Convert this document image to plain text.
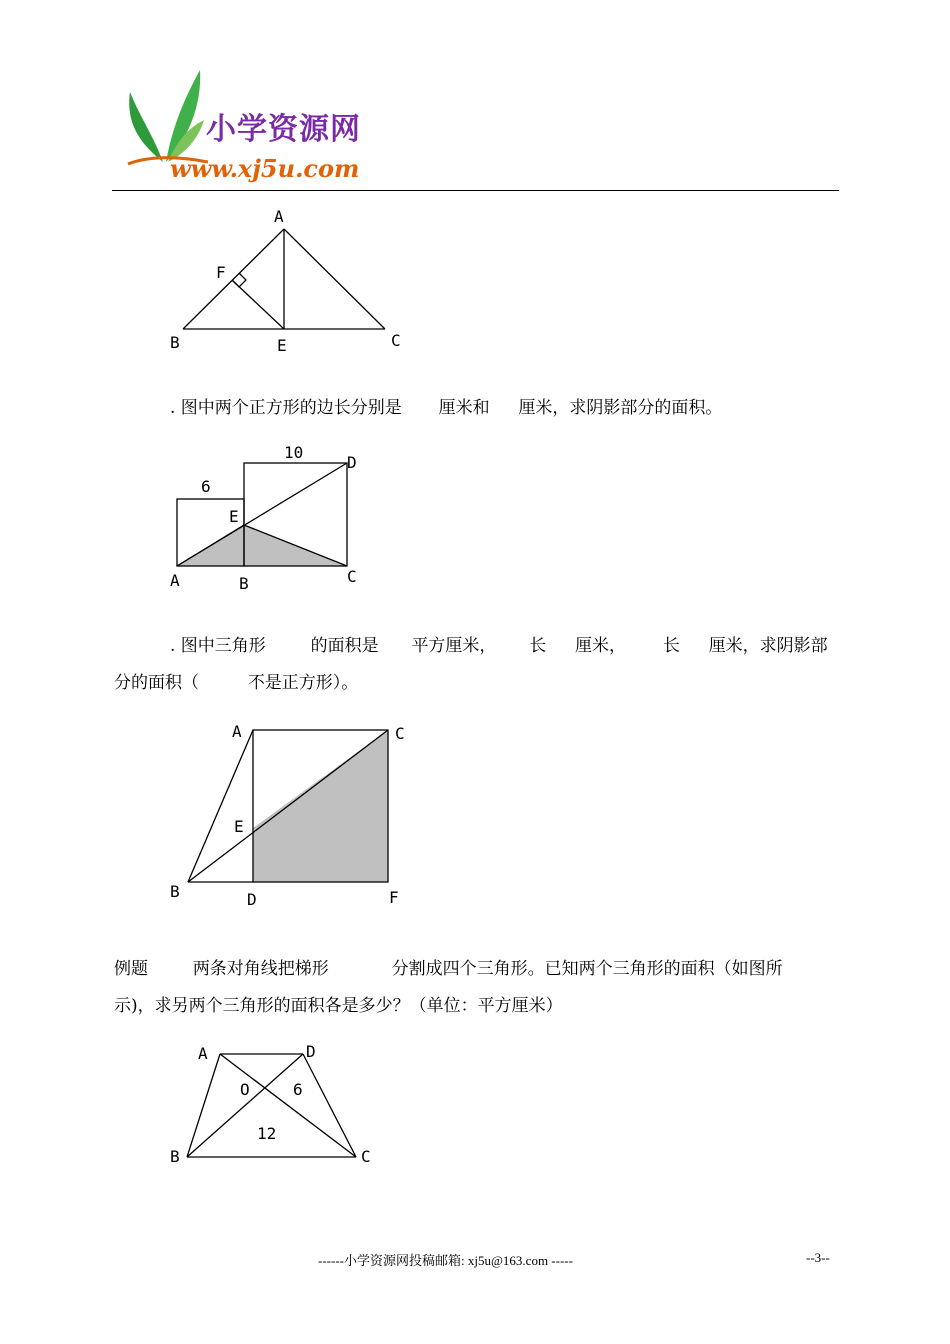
小学资源网
www.xj5u.com
A
F
B	E	C
. 图中两个正方形的边长分别是 厘米和 厘米，求阴影部分的面积。
10
6
D
E
A	B	C
. 图中三角形	的面积是 平方厘米， 长 厘米， 长 厘米，求阴影部
分的面积（	不是正方形）。
A	C
E
B	D	F
例题	两条对角线把梯形	分割成四个三角形。已知两个三角形的面积（如图所
示)，求另两个三角形的面积各是多少？（单位：平方厘米）
A	D
O	6
12
B	C
------小学资源网投稿邮箱: xj5u@163.com -----	--3--
